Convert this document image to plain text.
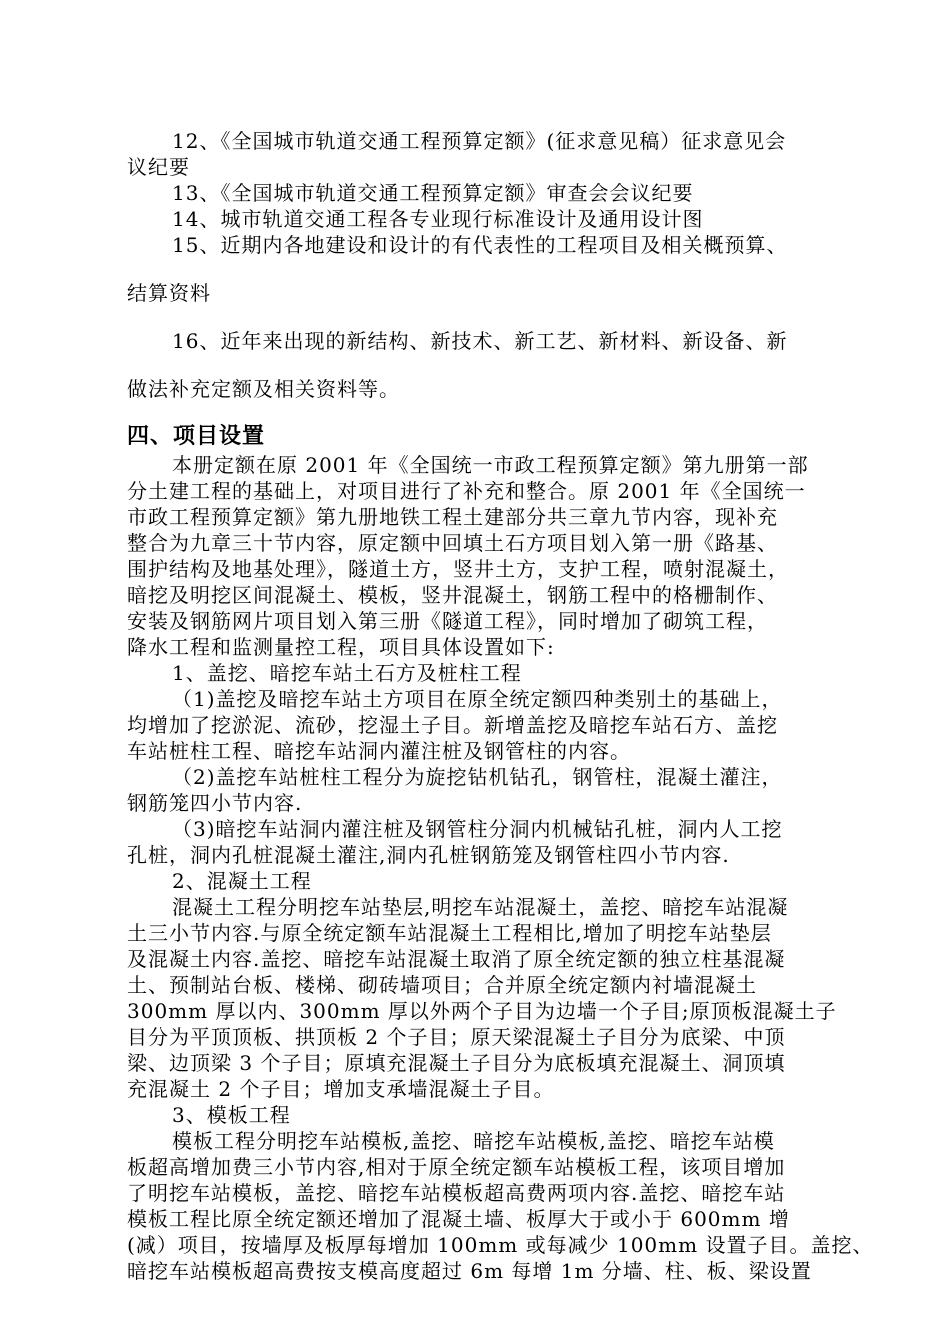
12、《全国城市轨道交通工程预算定额》(征求意见稿）征求意见会

议纪要

13、《全国城市轨道交通工程预算定额》审查会会议纪要

14、城市轨道交通工程各专业现行标准设计及通用设计图

15、近期内各地建设和设计的有代表性的工程项目及相关概预算、

结算资料

16、近年来出现的新结构、新技术、新工艺、新材料、新设备、新

做法补充定额及相关资料等。

四、项目设置

本册定额在原 2001 年《全国统一市政工程预算定额》第九册第一部

分土建工程的基础上，对项目进行了补充和整合。原 2001 年《全国统一

市政工程预算定额》第九册地铁工程土建部分共三章九节内容，现补充

整合为九章三十节内容，原定额中回填土石方项目划入第一册《路基、

围护结构及地基处理》，隧道土方，竖井土方，支护工程，喷射混凝土，

暗挖及明挖区间混凝土、模板，竖井混凝土，钢筋工程中的格栅制作、

安装及钢筋网片项目划入第三册《隧道工程》，同时增加了砌筑工程，

降水工程和监测量控工程，项目具体设置如下:

1、盖挖、暗挖车站土石方及桩柱工程

（1)盖挖及暗挖车站土方项目在原全统定额四种类别土的基础上，

均增加了挖淤泥、流砂，挖湿土子目。新增盖挖及暗挖车站石方、盖挖

车站桩柱工程、暗挖车站洞内灌注桩及钢管柱的内容。

（2)盖挖车站桩柱工程分为旋挖钻机钻孔，钢管柱，混凝土灌注，

钢筋笼四小节内容.

（3)暗挖车站洞内灌注桩及钢管柱分洞内机械钻孔桩，洞内人工挖

孔桩，洞内孔桩混凝土灌注,洞内孔桩钢筋笼及钢管柱四小节内容.

2、混凝土工程

混凝土工程分明挖车站垫层,明挖车站混凝土，盖挖、暗挖车站混凝

土三小节内容.与原全统定额车站混凝土工程相比,增加了明挖车站垫层

及混凝土内容.盖挖、暗挖车站混凝土取消了原全统定额的独立柱基混凝

土、预制站台板、楼梯、砌砖墙项目；合并原全统定额内衬墙混凝土

300mm 厚以内、300mm 厚以外两个子目为边墙一个子目;原顶板混凝土子

目分为平顶顶板、拱顶板 2 个子目；原天梁混凝土子目分为底梁、中顶

梁、边顶梁 3 个子目；原填充混凝土子目分为底板填充混凝土、洞顶填

充混凝土 2 个子目；增加支承墙混凝土子目。

3、模板工程

模板工程分明挖车站模板,盖挖、暗挖车站模板,盖挖、暗挖车站模

板超高增加费三小节内容,相对于原全统定额车站模板工程，该项目增加

了明挖车站模板，盖挖、暗挖车站模板超高费两项内容.盖挖、暗挖车站

模板工程比原全统定额还增加了混凝土墙、板厚大于或小于 600mm 增

(减）项目，按墙厚及板厚每增加 100mm 或每减少 100mm 设置子目。盖挖、

暗挖车站模板超高费按支模高度超过 6m 每增 1m 分墙、柱、板、梁设置
